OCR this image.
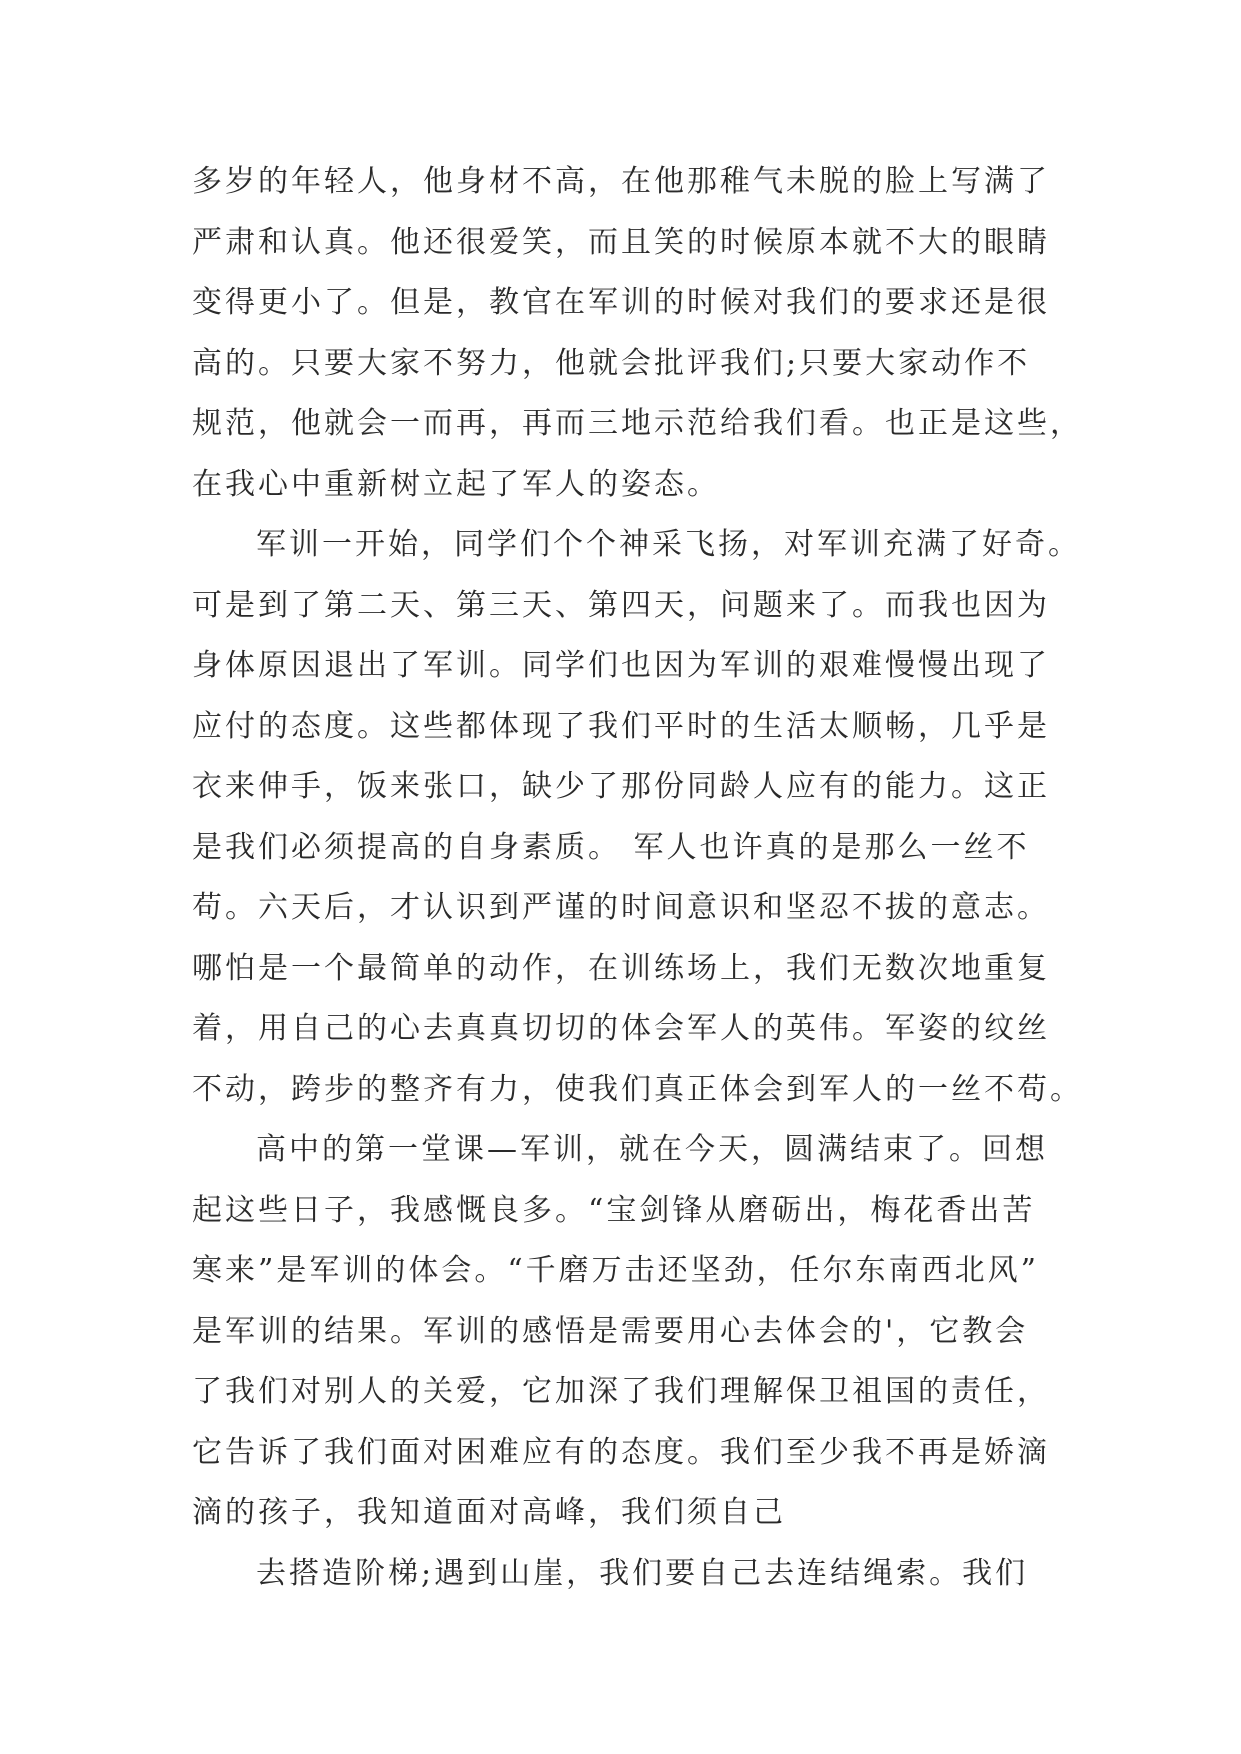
多岁的年轻人，他身材不高，在他那稚气未脱的脸上写满了
严肃和认真。他还很爱笑，而且笑的时候原本就不大的眼睛
变得更小了。但是，教官在军训的时候对我们的要求还是很
高的。只要大家不努力，他就会批评我们;只要大家动作不
规范，他就会一而再，再而三地示范给我们看。也正是这些，
在我心中重新树立起了军人的姿态。
军训一开始，同学们个个神采飞扬，对军训充满了好奇。
可是到了第二天、第三天、第四天，问题来了。而我也因为
身体原因退出了军训。同学们也因为军训的艰难慢慢出现了
应付的态度。这些都体现了我们平时的生活太顺畅，几乎是
衣来伸手，饭来张口，缺少了那份同龄人应有的能力。这正
是我们必须提高的自身素质。 军人也许真的是那么一丝不
苟。六天后，才认识到严谨的时间意识和坚忍不拔的意志。
哪怕是一个最简单的动作，在训练场上，我们无数次地重复
着，用自己的心去真真切切的体会军人的英伟。军姿的纹丝
不动，跨步的整齐有力，使我们真正体会到军人的一丝不苟。
高中的第一堂课—军训，就在今天，圆满结束了。回想
起这些日子，我感慨良多。“宝剑锋从磨砺出，梅花香出苦
寒来”是军训的体会。“千磨万击还坚劲，任尔东南西北风”
是军训的结果。军训的感悟是需要用心去体会的'，它教会
了我们对别人的关爱，它加深了我们理解保卫祖国的责任，
它告诉了我们面对困难应有的态度。我们至少我不再是娇滴
滴的孩子，我知道面对高峰，我们须自己
去搭造阶梯;遇到山崖，我们要自己去连结绳索。我们
